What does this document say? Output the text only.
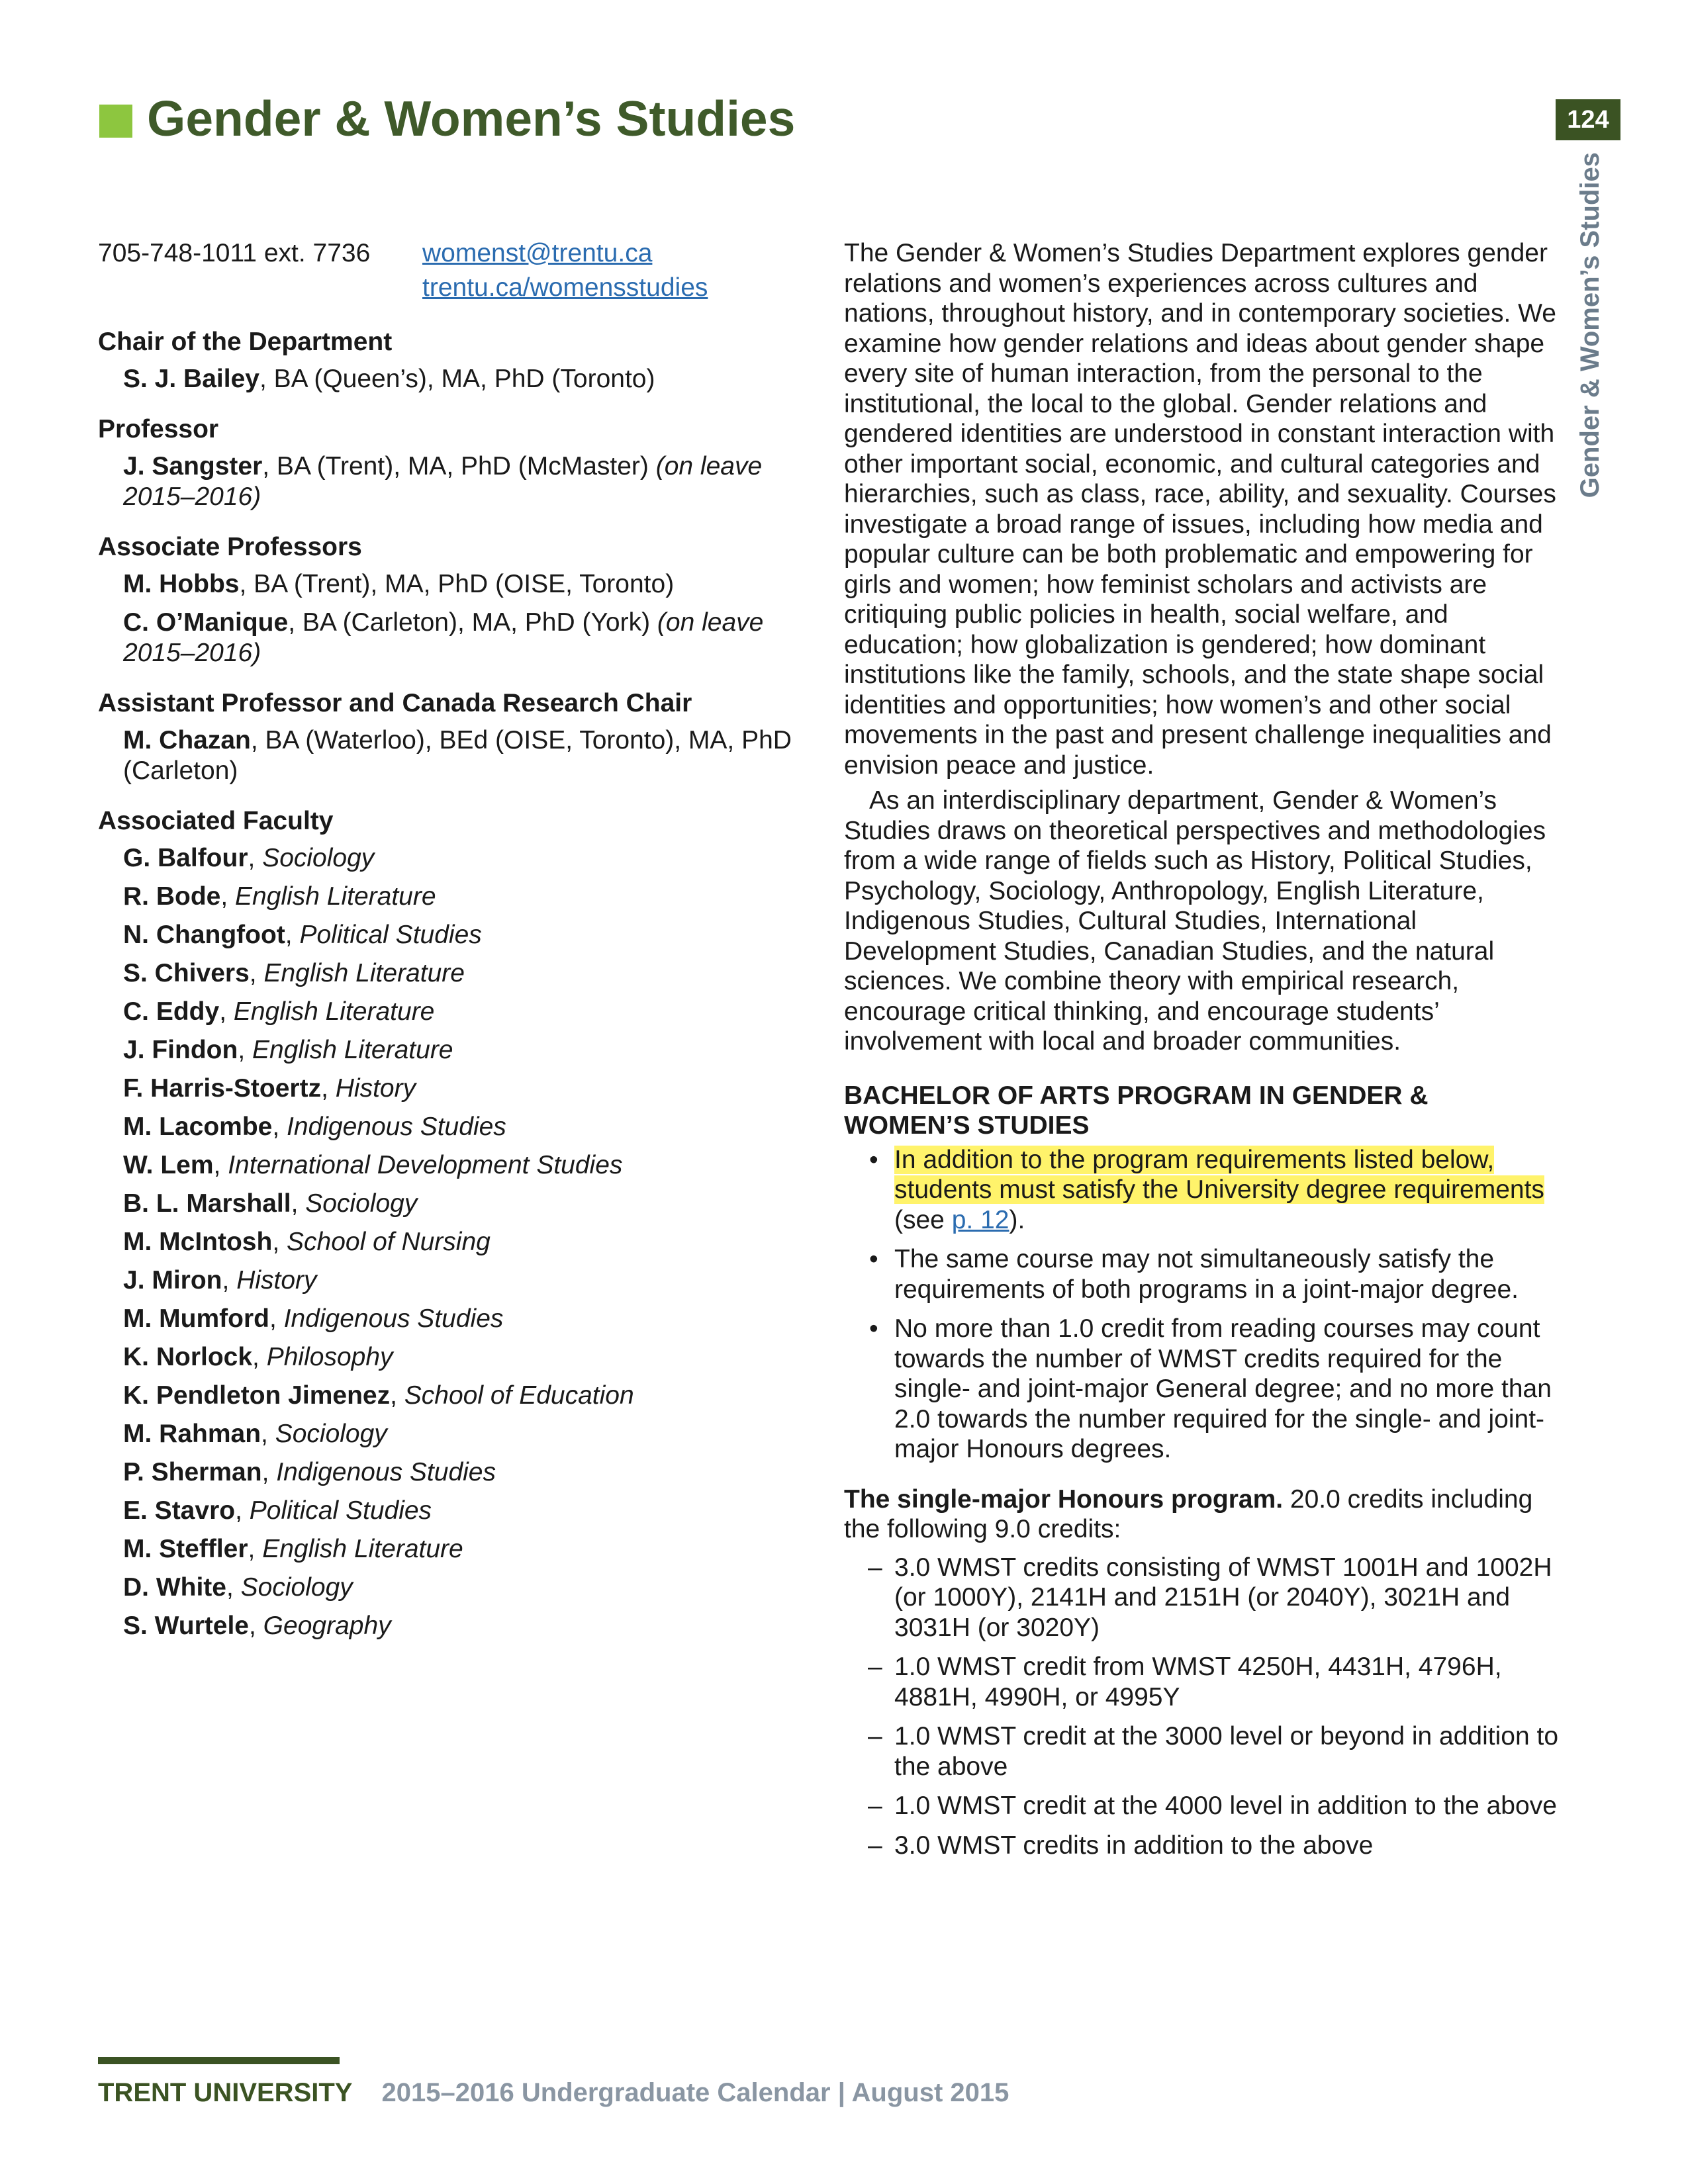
Gender & Women’s Studies	124
Gender & Women’s Studies
705-748-1011 ext. 7736	womenst@trentu.ca
trentu.ca/womensstudies
Chair of the Department
S. J. Bailey, BA (Queen’s), MA, PhD (Toronto)
Professor
J. Sangster, BA (Trent), MA, PhD (McMaster) (on leave 2015–2016)
Associate Professors
M. Hobbs, BA (Trent), MA, PhD (OISE, Toronto)
C. O’Manique, BA (Carleton), MA, PhD (York) (on leave 2015–2016)
Assistant Professor and Canada Research Chair
M. Chazan, BA (Waterloo), BEd (OISE, Toronto), MA, PhD (Carleton)
Associated Faculty
G. Balfour, Sociology
R. Bode, English Literature
N. Changfoot, Political Studies
S. Chivers, English Literature
C. Eddy, English Literature
J. Findon, English Literature
F. Harris-Stoertz, History
M. Lacombe, Indigenous Studies
W. Lem, International Development Studies
B. L. Marshall, Sociology
M. McIntosh, School of Nursing
J. Miron, History
M. Mumford, Indigenous Studies
K. Norlock, Philosophy
K. Pendleton Jimenez, School of Education
M. Rahman, Sociology
P. Sherman, Indigenous Studies
E. Stavro, Political Studies
M. Steffler, English Literature
D. White, Sociology
S. Wurtele, Geography

The Gender & Women’s Studies Department explores gender relations and women’s experiences across cultures and nations, throughout history, and in contemporary societies. We examine how gender relations and ideas about gender shape every site of human interaction, from the personal to the institutional, the local to the global. Gender relations and gendered identities are understood in constant interaction with other important social, economic, and cultural categories and hierarchies, such as class, race, ability, and sexuality. Courses investigate a broad range of issues, including how media and popular culture can be both problematic and empowering for girls and women; how feminist scholars and activists are critiquing public policies in health, social welfare, and education; how globalization is gendered; how dominant institutions like the family, schools, and the state shape social identities and opportunities; how women’s and other social movements in the past and present challenge inequalities and envision peace and justice.

As an interdisciplinary department, Gender & Women’s Studies draws on theoretical perspectives and methodologies from a wide range of fields such as History, Political Studies, Psychology, Sociology, Anthropology, English Literature, Indigenous Studies, Cultural Studies, International Development Studies, Canadian Studies, and the natural sciences. We combine theory with empirical research, encourage critical thinking, and encourage students’ involvement with local and broader communities.

BACHELOR OF ARTS PROGRAM IN GENDER & WOMEN’S STUDIES
• In addition to the program requirements listed below, students must satisfy the University degree requirements (see p. 12).
• The same course may not simultaneously satisfy the requirements of both programs in a joint-major degree.
• No more than 1.0 credit from reading courses may count towards the number of WMST credits required for the single- and joint-major General degree; and no more than 2.0 towards the number required for the single- and joint-major Honours degrees.
The single-major Honours program. 20.0 credits including the following 9.0 credits:
– 3.0 WMST credits consisting of WMST 1001H and 1002H (or 1000Y), 2141H and 2151H (or 2040Y), 3021H and 3031H (or 3020Y)
– 1.0 WMST credit from WMST 4250H, 4431H, 4796H, 4881H, 4990H, or 4995Y
– 1.0 WMST credit at the 3000 level or beyond in addition to the above
– 1.0 WMST credit at the 4000 level in addition to the above
– 3.0 WMST credits in addition to the above
TRENT UNIVERSITY 2015–2016 Undergraduate Calendar | August 2015
